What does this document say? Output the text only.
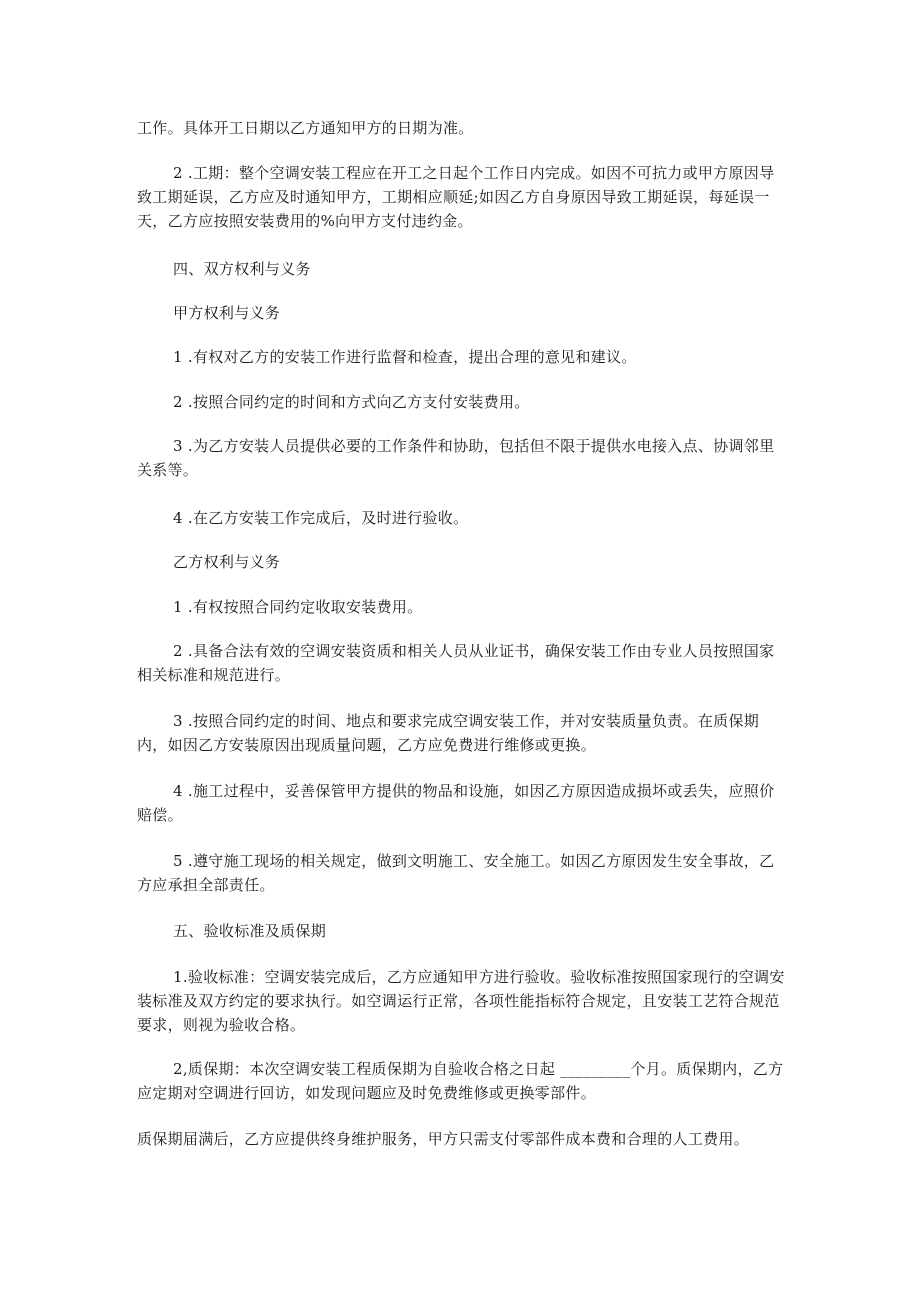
工作。具体开工日期以乙方通知甲方的日期为准。

2 .工期：整个空调安装工程应在开工之日起个工作日内完成。如因不可抗力或甲方原因导致工期延误，乙方应及时通知甲方，工期相应顺延;如因乙方自身原因导致工期延误，每延误一天，乙方应按照安装费用的%向甲方支付违约金。

四、双方权利与义务

甲方权利与义务

1 .有权对乙方的安装工作进行监督和检查，提出合理的意见和建议。

2 .按照合同约定的时间和方式向乙方支付安装费用。

3 .为乙方安装人员提供必要的工作条件和协助，包括但不限于提供水电接入点、协调邻里关系等。

4 .在乙方安装工作完成后，及时进行验收。

乙方权利与义务

1 .有权按照合同约定收取安装费用。

2 .具备合法有效的空调安装资质和相关人员从业证书，确保安装工作由专业人员按照国家相关标准和规范进行。

3 .按照合同约定的时间、地点和要求完成空调安装工作，并对安装质量负责。在质保期内，如因乙方安装原因出现质量问题，乙方应免费进行维修或更换。

4 .施工过程中，妥善保管甲方提供的物品和设施，如因乙方原因造成损坏或丢失，应照价赔偿。

5 .遵守施工现场的相关规定，做到文明施工、安全施工。如因乙方原因发生安全事故，乙方应承担全部责任。

五、验收标准及质保期

1.验收标准：空调安装完成后，乙方应通知甲方进行验收。验收标准按照国家现行的空调安装标准及双方约定的要求执行。如空调运行正常，各项性能指标符合规定，且安装工艺符合规范要求，则视为验收合格。

2,质保期：本次空调安装工程质保期为自验收合格之日起 _________个月。质保期内，乙方应定期对空调进行回访，如发现问题应及时免费维修或更换零部件。

质保期届满后，乙方应提供终身维护服务，甲方只需支付零部件成本费和合理的人工费用。
